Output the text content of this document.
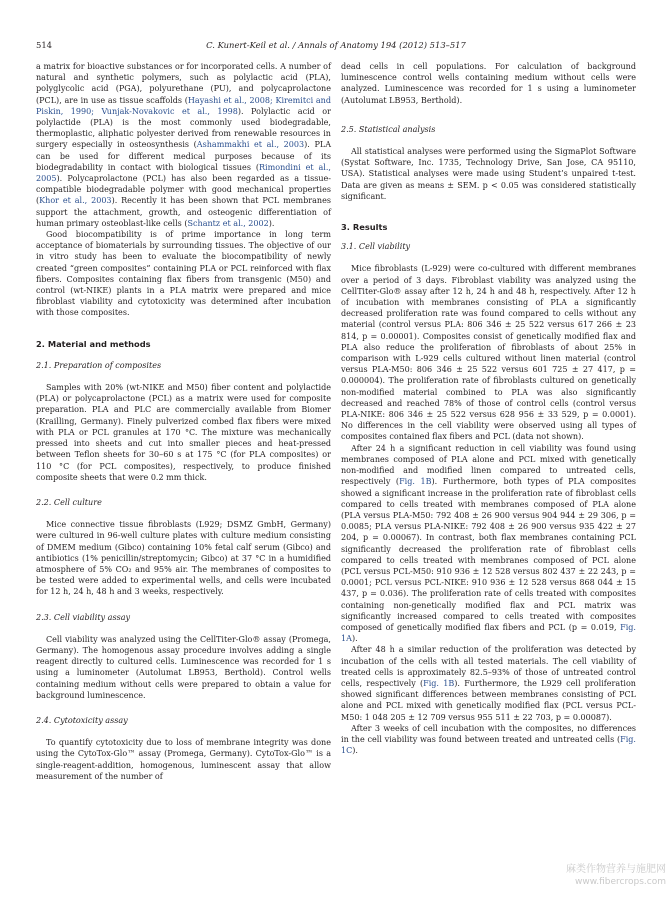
514	C. Kunert-Keil et al. / Annals of Anatomy 194 (2012) 513–517

a matrix for bioactive substances or for incorporated cells. A number of natural and synthetic polymers, such as polylactic acid (PLA), polyglycolic acid (PGA), polyurethane (PU), and polycaprolactone (PCL), are in use as tissue scaffolds (Hayashi et al., 2008; Kiremitci and Piskin, 1990; Vunjak-Novakovic et al., 1998). Polylactic acid or polylactide (PLA) is the most commonly used biodegradable, thermoplastic, aliphatic polyester derived from renewable resources in surgery especially in osteosynthesis (Ashammakhi et al., 2003). PLA can be used for different medical purposes because of its biodegradability in contact with biological tissues (Rimondini et al., 2005). Polycaprolactone (PCL) has also been regarded as a tissue-compatible biodegradable polymer with good mechanical properties (Khor et al., 2003). Recently it has been shown that PCL membranes support the attachment, growth, and osteogenic differentiation of human primary osteoblast-like cells (Schantz et al., 2002).

Good biocompatibility is of prime importance in long term acceptance of biomaterials by surrounding tissues. The objective of our in vitro study has been to evaluate the biocompatibility of newly created “green composites” containing PLA or PCL reinforced with flax fibers. Composites containing flax fibers from transgenic (M50) and control (wt-NIKE) plants in a PLA matrix were prepared and mice fibroblast viability and cytotoxicity was determined after incubation with those composites.

2. Material and methods
2.1. Preparation of composites

Samples with 20% (wt-NIKE and M50) fiber content and polylactide (PLA) or polycaprolactone (PCL) as a matrix were used for composite preparation. PLA and PLC are commercially available from Biomer (Krailling, Germany). Finely pulverized combed flax fibers were mixed with PLA or PCL granules at 170 °C. The mixture was mechanically pressed into sheets and cut into smaller pieces and heat-pressed between Teflon sheets for 30–60 s at 175 °C (for PLA composites) or 110 °C (for PCL composites), respectively, to produce finished composite sheets that were 0.2 mm thick.

2.2. Cell culture

Mice connective tissue fibroblasts (L929; DSMZ GmbH, Germany) were cultured in 96-well culture plates with culture medium consisting of DMEM medium (Gibco) containing 10% fetal calf serum (Gibco) and antibiotics (1% penicillin/streptomycin; Gibco) at 37 °C in a humidified atmosphere of 5% CO₂ and 95% air. The membranes of composites to be tested were added to experimental wells, and cells were incubated for 12 h, 24 h, 48 h and 3 weeks, respectively.

2.3. Cell viability assay

Cell viability was analyzed using the CellTiter-Glo® assay (Promega, Germany). The homogenous assay procedure involves adding a single reagent directly to cultured cells. Luminescence was recorded for 1 s using a luminometer (Autolumat LB953, Berthold). Control wells containing medium without cells were prepared to obtain a value for background luminescence.

2.4. Cytotoxicity assay

To quantify cytotoxicity due to loss of membrane integrity was done using the CytoTox-Glo™ assay (Promega, Germany). CytoTox-Glo™ is a single-reagent-addition, homogenous, luminescent assay that allow measurement of the number of

dead cells in cell populations. For calculation of background luminescence control wells containing medium without cells were analyzed. Luminescence was recorded for 1 s using a luminometer (Autolumat LB953, Berthold).

2.5. Statistical analysis

All statistical analyses were performed using the SigmaPlot Software (Systat Software, Inc. 1735, Technology Drive, San Jose, CA 95110, USA). Statistical analyses were made using Student’s unpaired t-test. Data are given as means ± SEM. p < 0.05 was considered statistically significant.

3. Results
3.1. Cell viability

Mice fibroblasts (L-929) were co-cultured with different membranes over a period of 3 days. Fibroblast viability was analyzed using the CellTiter-Glo® assay after 12 h, 24 h and 48 h, respectively. After 12 h of incubation with membranes consisting of PLA a significantly decreased proliferation rate was found compared to cells without any material (control versus PLA: 806 346 ± 25 522 versus 617 266 ± 23 814, p = 0.00001). Composites consist of genetically modified flax and PLA also reduce the proliferation of fibroblasts of about 25% in comparison with L-929 cells cultured without linen material (control versus PLA-M50: 806 346 ± 25 522 versus 601 725 ± 27 417, p = 0.000004). The proliferation rate of fibroblasts cultured on genetically non-modified material combined to PLA was also significantly decreased and reached 78% of those of control cells (control versus PLA-NIKE: 806 346 ± 25 522 versus 628 956 ± 33 529, p = 0.0001). No differences in the cell viability were observed using all types of composites contained flax fibers and PCL (data not shown).

After 24 h a significant reduction in cell viability was found using membranes composed of PLA alone and PCL mixed with genetically non-modified and modified linen compared to untreated cells, respectively (Fig. 1B). Furthermore, both types of PLA composites showed a significant increase in the proliferation rate of fibroblast cells compared to cells treated with membranes composed of PLA alone (PLA versus PLA-M50: 792 408 ± 26 900 versus 904 944 ± 29 306, p = 0.0085; PLA versus PLA-NIKE: 792 408 ± 26 900 versus 935 422 ± 27 204, p = 0.00067). In contrast, both flax membranes containing PCL significantly decreased the proliferation rate of fibroblast cells compared to cells treated with membranes composed of PCL alone (PCL versus PCL-M50: 910 936 ± 12 528 versus 802 437 ± 22 243, p = 0.0001; PCL versus PCL-NIKE: 910 936 ± 12 528 versus 868 044 ± 15 437, p = 0.036). The proliferation rate of cells treated with composites containing non-genetically modified flax and PCL matrix was significantly increased compared to cells treated with composites composed of genetically modified flax fibers and PCL (p = 0.019, Fig. 1A).

After 48 h a similar reduction of the proliferation was detected by incubation of the cells with all tested materials. The cell viability of treated cells is approximately 82.5–93% of those of untreated control cells, respectively (Fig. 1B). Furthermore, the L929 cell proliferation showed significant differences between membranes consisting of PCL alone and PCL mixed with genetically modified flax (PCL versus PCL-M50: 1 048 205 ± 12 709 versus 955 511 ± 22 703, p = 0.00087).

After 3 weeks of cell incubation with the composites, no differences in the cell viability was found between treated and untreated cells (Fig. 1C).

麻类作物营养与施肥网
www.fibercrops.com
